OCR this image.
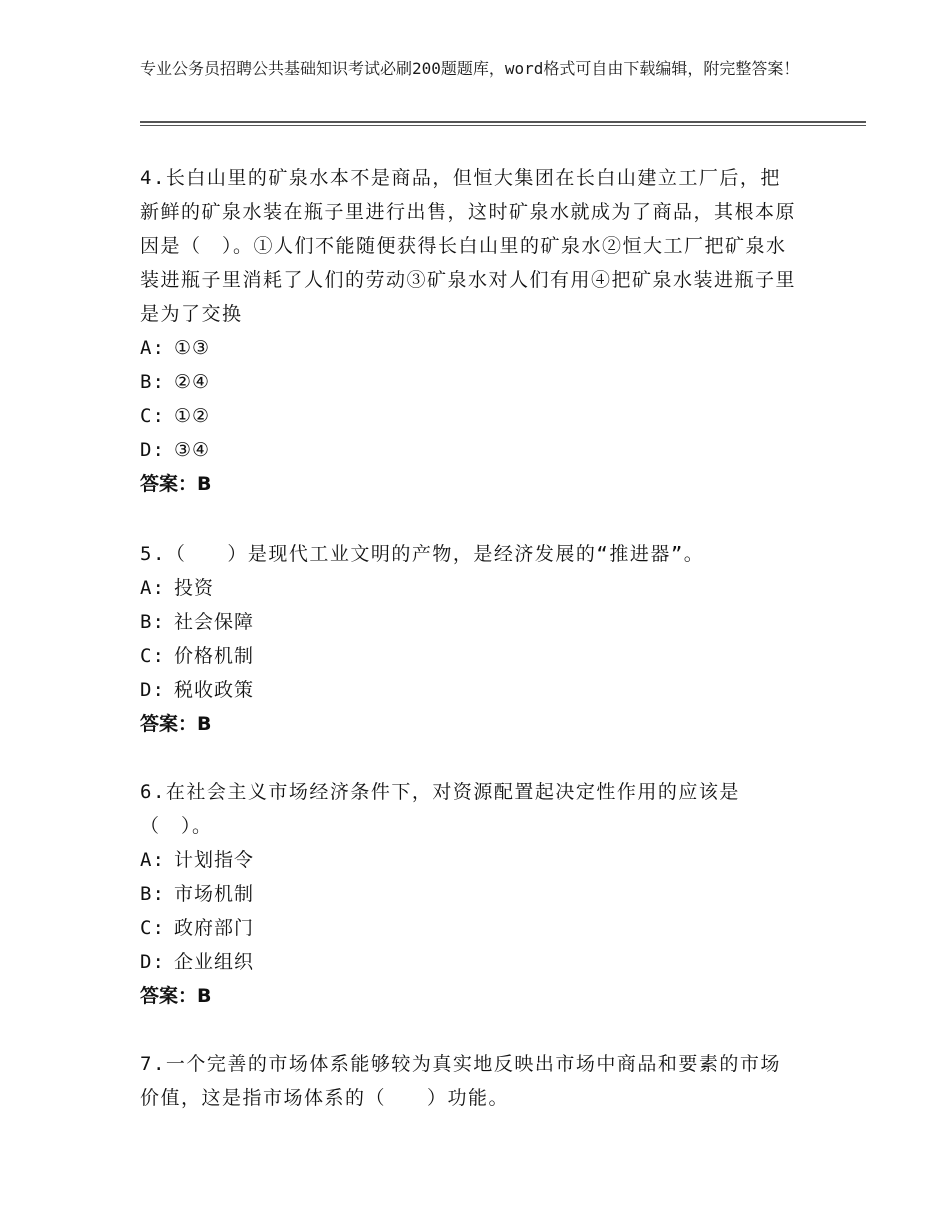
专业公务员招聘公共基础知识考试必刷200题题库，word格式可自由下载编辑，附完整答案！

4.长白山里的矿泉水本不是商品，但恒大集团在长白山建立工厂后，把新鲜的矿泉水装在瓶子里进行出售，这时矿泉水就成为了商品，其根本原因是（　）。①人们不能随便获得长白山里的矿泉水②恒大工厂把矿泉水装进瓶子里消耗了人们的劳动③矿泉水对人们有用④把矿泉水装进瓶子里是为了交换

A: ①③

B: ②④

C: ①②

D: ③④

答案：B

5.（　　）是现代工业文明的产物，是经济发展的“推进器”。

A: 投资

B: 社会保障

C: 价格机制

D: 税收政策

答案：B

6.在社会主义市场经济条件下，对资源配置起决定性作用的应该是（　）。

A: 计划指令

B: 市场机制

C: 政府部门

D: 企业组织

答案：B

7.一个完善的市场体系能够较为真实地反映出市场中商品和要素的市场价值，这是指市场体系的（　　）功能。
